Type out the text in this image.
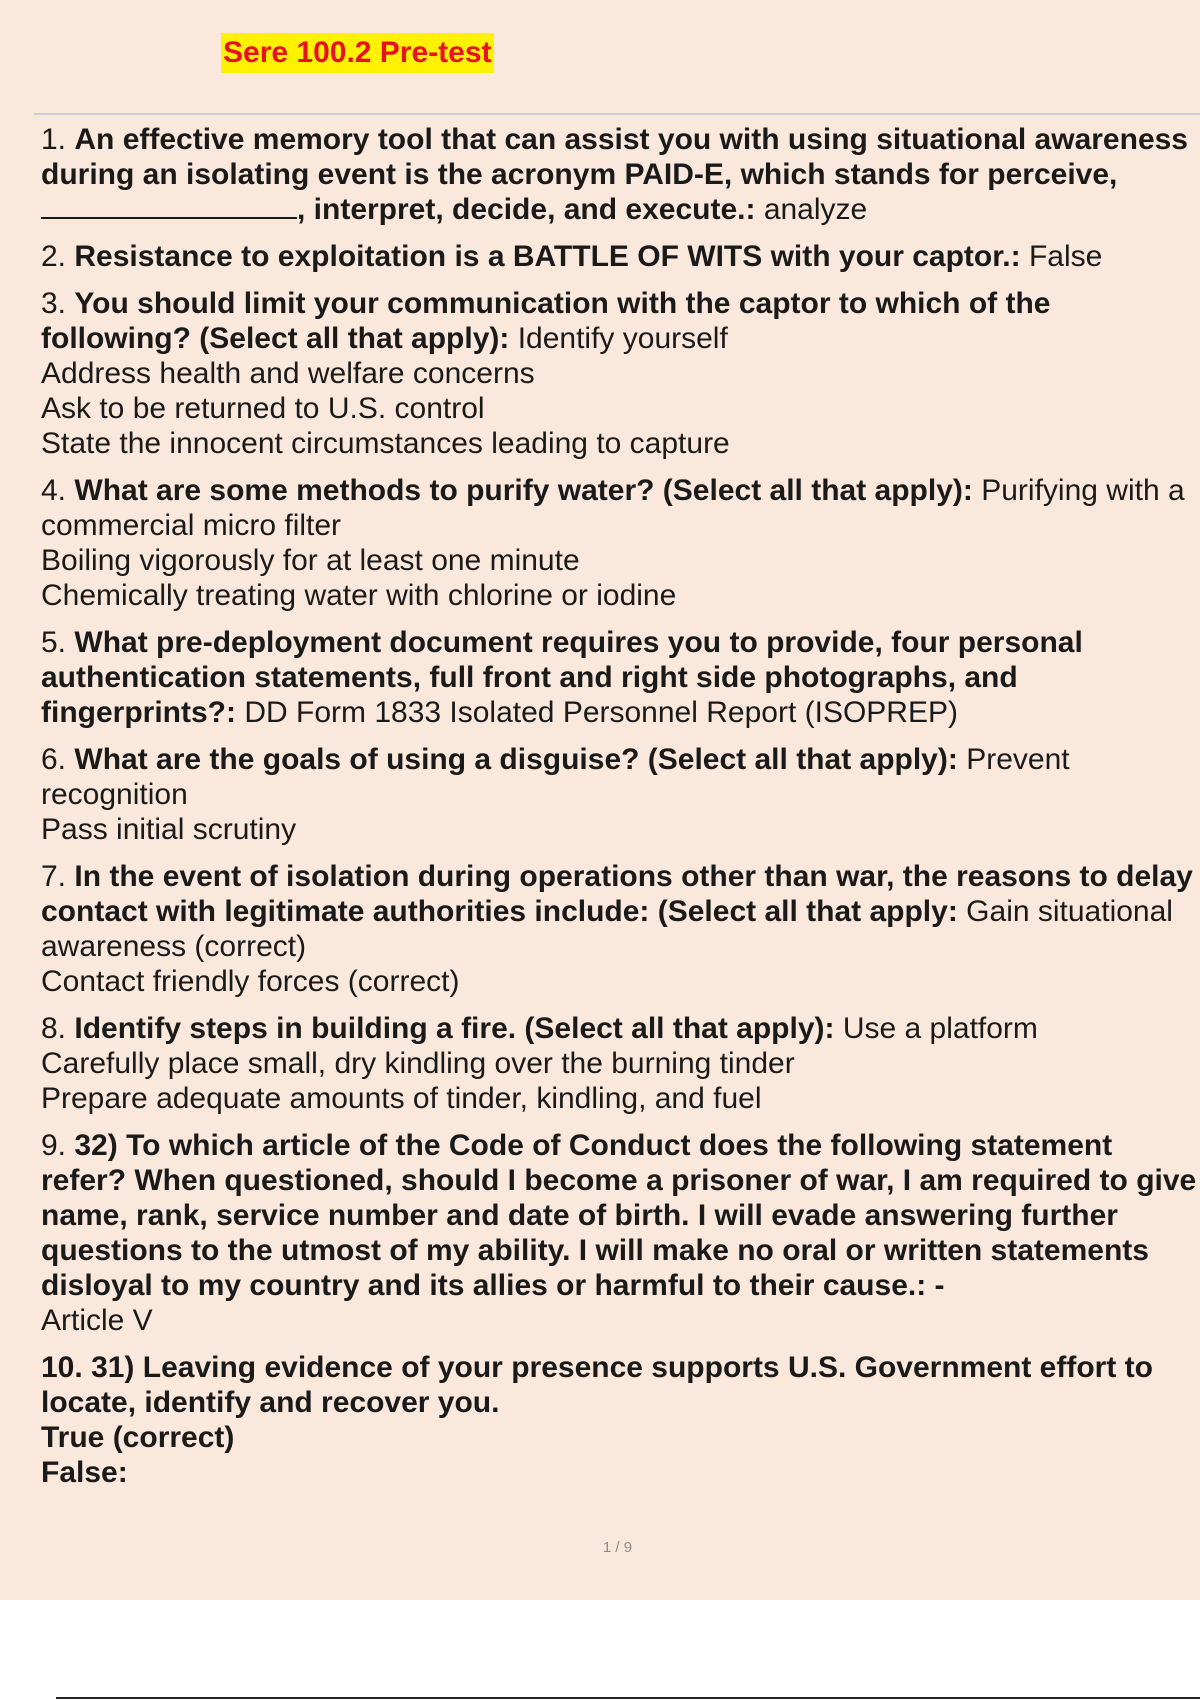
Sere 100.2 Pre-test

1. An effective memory tool that can assist you with using situational awareness during an isolating event is the acronym PAID-E, which stands for perceive,, interpret, decide, and execute.: analyze

2. Resistance to exploitation is a BATTLE OF WITS with your captor.: False

3. You should limit your communication with the captor to which of the following? (Select all that apply): Identify yourself

Address health and welfare concerns

Ask to be returned to U.S. control

State the innocent circumstances leading to capture

4. What are some methods to purify water? (Select all that apply): Purifying with a commercial micro filter

Boiling vigorously for at least one minute

Chemically treating water with chlorine or iodine

5. What pre-deployment document requires you to provide, four personal authentication statements, full front and right side photographs, and fingerprints?: DD Form 1833 Isolated Personnel Report (ISOPREP)

6. What are the goals of using a disguise? (Select all that apply): Prevent recognition

Pass initial scrutiny

7. In the event of isolation during operations other than war, the reasons to delay contact with legitimate authorities include: (Select all that apply: Gain situational awareness (correct)

Contact friendly forces (correct)

8. Identify steps in building a fire. (Select all that apply): Use a platform

Carefully place small, dry kindling over the burning tinder

Prepare adequate amounts of tinder, kindling, and fuel

9. 32) To which article of the Code of Conduct does the following statement refer? When questioned, should I become a prisoner of war, I am required to give name, rank, service number and date of birth. I will evade answering further questions to the utmost of my ability. I will make no oral or written statements disloyal to my country and its allies or harmful to their cause.: -

Article V

10. 31) Leaving evidence of your presence supports U.S. Government effort to locate, identify and recover you.

True (correct)

False:

1 / 9
